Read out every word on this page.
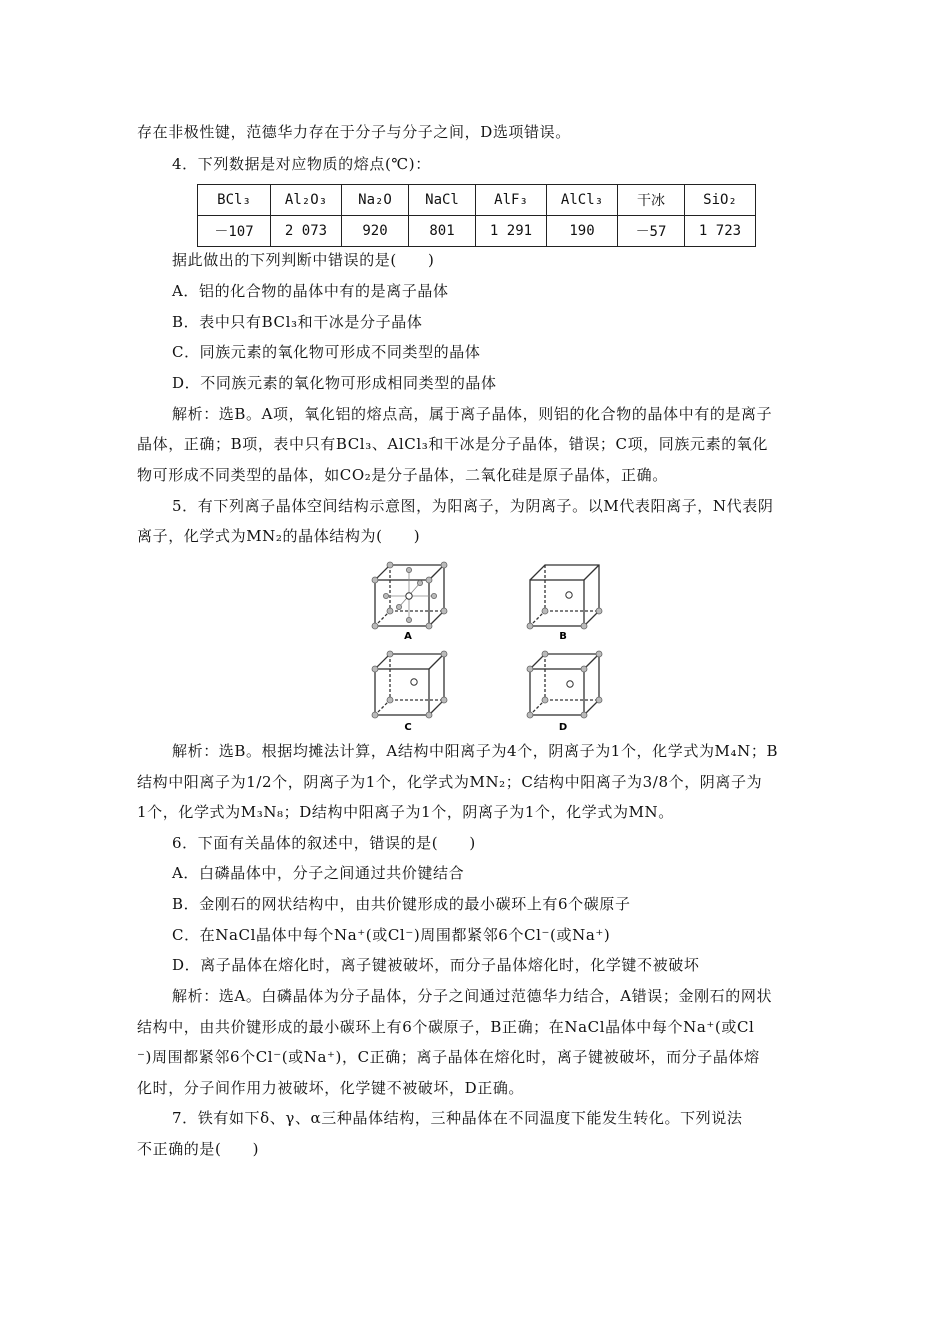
存在非极性键，范德华力存在于分子与分子之间，D选项错误。
4．下列数据是对应物质的熔点(℃)：
BCl₃	Al₂O₃	Na₂O	NaCl	AlF₃	AlCl₃	干冰	SiO₂
－107	2 073	920	801	1 291	190	－57	1 723
据此做出的下列判断中错误的是(　　)
A．铝的化合物的晶体中有的是离子晶体
B．表中只有BCl₃和干冰是分子晶体
C．同族元素的氧化物可形成不同类型的晶体
D．不同族元素的氧化物可形成相同类型的晶体
解析：选B。A项，氧化铝的熔点高，属于离子晶体，则铝的化合物的晶体中有的是离子
晶体，正确；B项，表中只有BCl₃、AlCl₃和干冰是分子晶体，错误；C项，同族元素的氧化
物可形成不同类型的晶体，如CO₂是分子晶体，二氧化硅是原子晶体，正确。
5．有下列离子晶体空间结构示意图，为阳离子，为阴离子。以M代表阳离子，N代表阴
离子，化学式为MN₂的晶体结构为(　　)
A	B
C	D
解析：选B。根据均摊法计算，A结构中阳离子为4个，阴离子为1个，化学式为M₄N；B
结构中阳离子为1/2个，阴离子为1个，化学式为MN₂；C结构中阳离子为3/8个，阴离子为
1个，化学式为M₃N₈；D结构中阳离子为1个，阴离子为1个，化学式为MN。
6．下面有关晶体的叙述中，错误的是(　　)
A．白磷晶体中，分子之间通过共价键结合
B．金刚石的网状结构中，由共价键形成的最小碳环上有6个碳原子
C．在NaCl晶体中每个Na⁺(或Cl⁻)周围都紧邻6个Cl⁻(或Na⁺)
D．离子晶体在熔化时，离子键被破坏，而分子晶体熔化时，化学键不被破坏
解析：选A。白磷晶体为分子晶体，分子之间通过范德华力结合，A错误；金刚石的网状
结构中，由共价键形成的最小碳环上有6个碳原子，B正确；在NaCl晶体中每个Na⁺(或Cl
⁻)周围都紧邻6个Cl⁻(或Na⁺)，C正确；离子晶体在熔化时，离子键被破坏，而分子晶体熔
化时，分子间作用力被破坏，化学键不被破坏，D正确。
7．铁有如下δ、γ、α三种晶体结构，三种晶体在不同温度下能发生转化。下列说法
不正确的是(　　)
